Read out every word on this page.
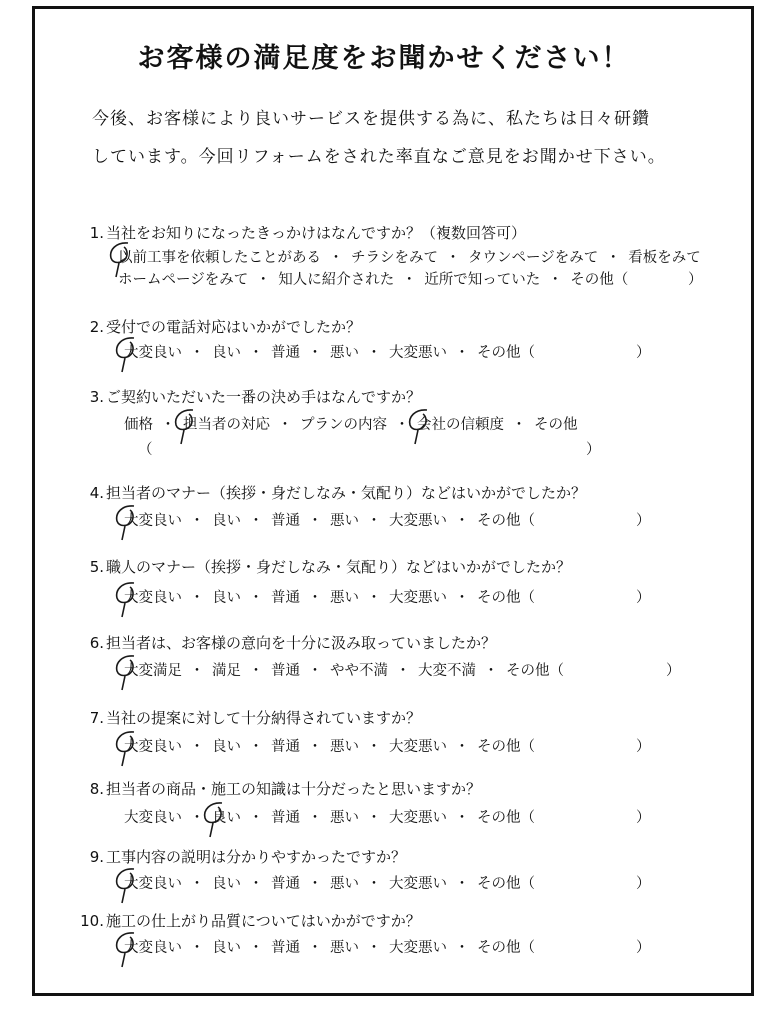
お客様の満足度をお聞かせください！
今後、お客様により良いサービスを提供する為に、私たちは日々研鑽
しています。今回リフォームをされた率直なご意見をお聞かせ下さい。
1. 当社をお知りになったきっかけはなんですか？（複数回答可）
以前工事を依頼したことがある ・ チラシをみて ・ タウンページをみて ・ 看板をみて
ホームページをみて ・ 知人に紹介された ・ 近所で知っていた ・ その他（	）
2. 受付での電話対応はいかがでしたか？
大変良い ・ 良い ・ 普通 ・ 悪い ・ 大変悪い ・ その他（	）
3. ご契約いただいた一番の決め手はなんですか？
価格 ・ 担当者の対応 ・ プランの内容 ・ 会社の信頼度 ・ その他
（	）
4. 担当者のマナー（挨拶・身だしなみ・気配り）などはいかがでしたか？
大変良い ・ 良い ・ 普通 ・ 悪い ・ 大変悪い ・ その他（	）
5. 職人のマナー（挨拶・身だしなみ・気配り）などはいかがでしたか？
大変良い ・ 良い ・ 普通 ・ 悪い ・ 大変悪い ・ その他（	）
6. 担当者は、お客様の意向を十分に汲み取っていましたか？
大変満足 ・ 満足 ・ 普通 ・ やや不満 ・ 大変不満 ・ その他（	）
7. 当社の提案に対して十分納得されていますか？
大変良い ・ 良い ・ 普通 ・ 悪い ・ 大変悪い ・ その他（	）
8. 担当者の商品・施工の知識は十分だったと思いますか？
大変良い ・ 良い ・ 普通 ・ 悪い ・ 大変悪い ・ その他（	）
9. 工事内容の説明は分かりやすかったですか？
大変良い ・ 良い ・ 普通 ・ 悪い ・ 大変悪い ・ その他（	）
10. 施工の仕上がり品質についてはいかがですか？
大変良い ・ 良い ・ 普通 ・ 悪い ・ 大変悪い ・ その他（	）
